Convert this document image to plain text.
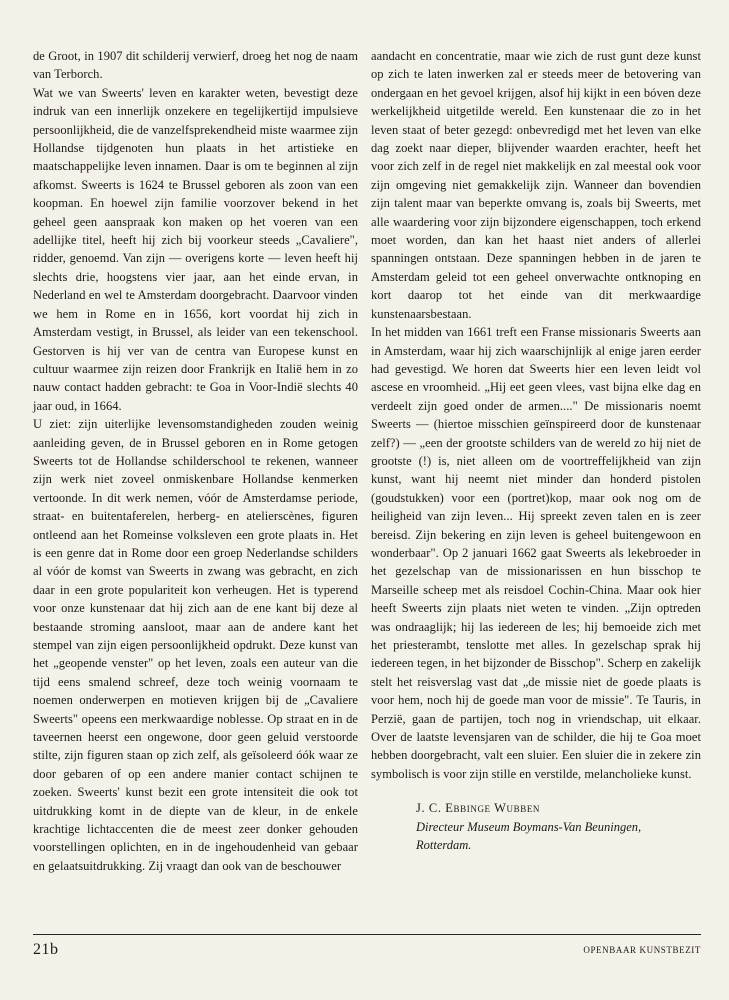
de Groot, in 1907 dit schilderij verwierf, droeg het nog de naam van Terborch.

Wat we van Sweerts' leven en karakter weten, bevestigt deze indruk van een innerlijk onzekere en tegelijkertijd impulsieve persoonlijkheid, die de vanzelfsprekendheid miste waarmee zijn Hollandse tijdgenoten hun plaats in het artistieke en maatschappelijke leven innamen. Daar is om te beginnen al zijn afkomst. Sweerts is 1624 te Brussel geboren als zoon van een koopman. En hoewel zijn familie voorzover bekend in het geheel geen aanspraak kon maken op het voeren van een adellijke titel, heeft hij zich bij voorkeur steeds „Cavaliere", ridder, genoemd. Van zijn — overigens korte — leven heeft hij slechts drie, hoogstens vier jaar, aan het einde ervan, in Nederland en wel te Amsterdam doorgebracht. Daarvoor vinden we hem in Rome en in 1656, kort voordat hij zich in Amsterdam vestigt, in Brussel, als leider van een tekenschool. Gestorven is hij ver van de centra van Europese kunst en cultuur waarmee zijn reizen door Frankrijk en Italië hem in zo nauw contact hadden gebracht: te Goa in Voor-Indië slechts 40 jaar oud, in 1664.

U ziet: zijn uiterlijke levensomstandigheden zouden weinig aanleiding geven, de in Brussel geboren en in Rome getogen Sweerts tot de Hollandse schilderschool te rekenen, wanneer zijn werk niet zoveel onmiskenbare Hollandse kenmerken vertoonde. In dit werk nemen, vóór de Amsterdamse periode, straat- en buitentaferelen, herberg- en atelierscènes, figuren ontleend aan het Romeinse volksleven een grote plaats in. Het is een genre dat in Rome door een groep Nederlandse schilders al vóór de komst van Sweerts in zwang was gebracht, en zich daar in een grote populariteit kon verheugen. Het is typerend voor onze kunstenaar dat hij zich aan de ene kant bij deze al bestaande stroming aansloot, maar aan de andere kant het stempel van zijn eigen persoonlijkheid opdrukt. Deze kunst van het „geopende venster" op het leven, zoals een auteur van die tijd eens smalend schreef, deze toch weinig voornaam te noemen onderwerpen en motieven krijgen bij de „Cavaliere Sweerts" opeens een merkwaardige noblesse. Op straat en in de taveernen heerst een ongewone, door geen geluid verstoorde stilte, zijn figuren staan op zich zelf, als geïsoleerd óók waar ze door gebaren of op een andere manier contact schijnen te zoeken. Sweerts' kunst bezit een grote intensiteit die ook tot uitdrukking komt in de diepte van de kleur, in de enkele krachtige lichtaccenten die de meest zeer donker gehouden voorstellingen oplichten, en in de ingehoudenheid van gebaar en gelaatsuitdrukking. Zij vraagt dan ook van de beschouwer

aandacht en concentratie, maar wie zich de rust gunt deze kunst op zich te laten inwerken zal er steeds meer de betovering van ondergaan en het gevoel krijgen, alsof hij kijkt in een bóven deze werkelijkheid uitgetilde wereld. Een kunstenaar die zo in het leven staat of beter gezegd: onbevredigd met het leven van elke dag zoekt naar dieper, blijvender waarden erachter, heeft het voor zich zelf in de regel niet makkelijk en zal meestal ook voor zijn omgeving niet gemakkelijk zijn. Wanneer dan bovendien zijn talent maar van beperkte omvang is, zoals bij Sweerts, met alle waardering voor zijn bijzondere eigenschappen, toch erkend moet worden, dan kan het haast niet anders of allerlei spanningen ontstaan. Deze spanningen hebben in de jaren te Amsterdam geleid tot een geheel onverwachte ontknoping en kort daarop tot het einde van dit merkwaardige kunstenaarsbestaan.

In het midden van 1661 treft een Franse missionaris Sweerts aan in Amsterdam, waar hij zich waarschijnlijk al enige jaren eerder had gevestigd. We horen dat Sweerts hier een leven leidt vol ascese en vroomheid. „Hij eet geen vlees, vast bijna elke dag en verdeelt zijn goed onder de armen...." De missionaris noemt Sweerts — (hiertoe misschien geïnspireerd door de kunstenaar zelf?) — „een der grootste schilders van de wereld zo hij niet de grootste (!) is, niet alleen om de voortreffelijkheid van zijn kunst, want hij neemt niet minder dan honderd pistolen (goudstukken) voor een (portret)kop, maar ook nog om de heiligheid van zijn leven... Hij spreekt zeven talen en is zeer bereisd. Zijn bekering en zijn leven is geheel buitengewoon en wonderbaar". Op 2 januari 1662 gaat Sweerts als lekebroeder in het gezelschap van de missionarissen en hun bisschop te Marseille scheep met als reisdoel Cochin-China. Maar ook hier heeft Sweerts zijn plaats niet weten te vinden. „Zijn optreden was ondraaglijk; hij las iedereen de les; hij bemoeide zich met het priesterambt, tenslotte met alles. In gezelschap sprak hij iedereen tegen, in het bijzonder de Bisschop". Scherp en zakelijk stelt het reisverslag vast dat „de missie niet de goede plaats is voor hem, noch hij de goede man voor de missie". Te Tauris, in Perzië, gaan de partijen, toch nog in vriendschap, uit elkaar. Over de laatste levensjaren van de schilder, die hij te Goa moet hebben doorgebracht, valt een sluier. Een sluier die in zekere zin symbolisch is voor zijn stille en verstilde, melancholieke kunst.

J. C. Ebbinge Wubben
Directeur Museum Boymans-Van Beuningen,
Rotterdam.
21b	OPENBAAR KUNSTBEZIT
